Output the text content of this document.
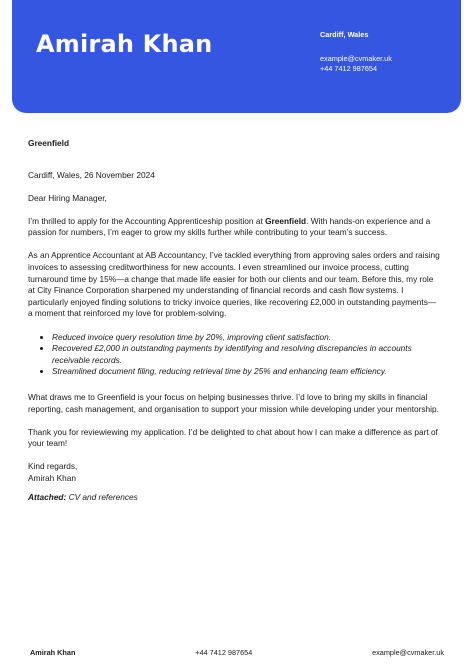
Amirah Khan	Cardiff, Wales
example@cvmaker.uk
+44 7412 987654

Greenfield

Cardiff, Wales, 26 November 2024

Dear Hiring Manager,

I’m thrilled to apply for the Accounting Apprenticeship position at Greenfield. With hands-on experience and a passion for numbers, I’m eager to grow my skills further while contributing to your team’s success.

As an Apprentice Accountant at AB Accountancy, I’ve tackled everything from approving sales orders and raising invoices to assessing creditworthiness for new accounts. I even streamlined our invoice process, cutting turnaround time by 15%—a change that made life easier for both our clients and our team. Before this, my role at City Finance Corporation sharpened my understanding of financial records and cash flow systems. I particularly enjoyed finding solutions to tricky invoice queries, like recovering £2,000 in outstanding payments—a moment that reinforced my love for problem-solving.

• Reduced invoice query resolution time by 20%, improving client satisfaction.
• Recovered £2,000 in outstanding payments by identifying and resolving discrepancies in accounts receivable records.
• Streamlined document filing, reducing retrieval time by 25% and enhancing team efficiency.

What draws me to Greenfield is your focus on helping businesses thrive. I’d love to bring my skills in financial reporting, cash management, and organisation to support your mission while developing under your mentorship.

Thank you for reviewiewing my application. I’d be delighted to chat about how I can make a difference as part of your team!

Kind regards,
Amirah Khan

Attached: CV and references

Amirah Khan	+44 7412 987654	example@cvmaker.uk
